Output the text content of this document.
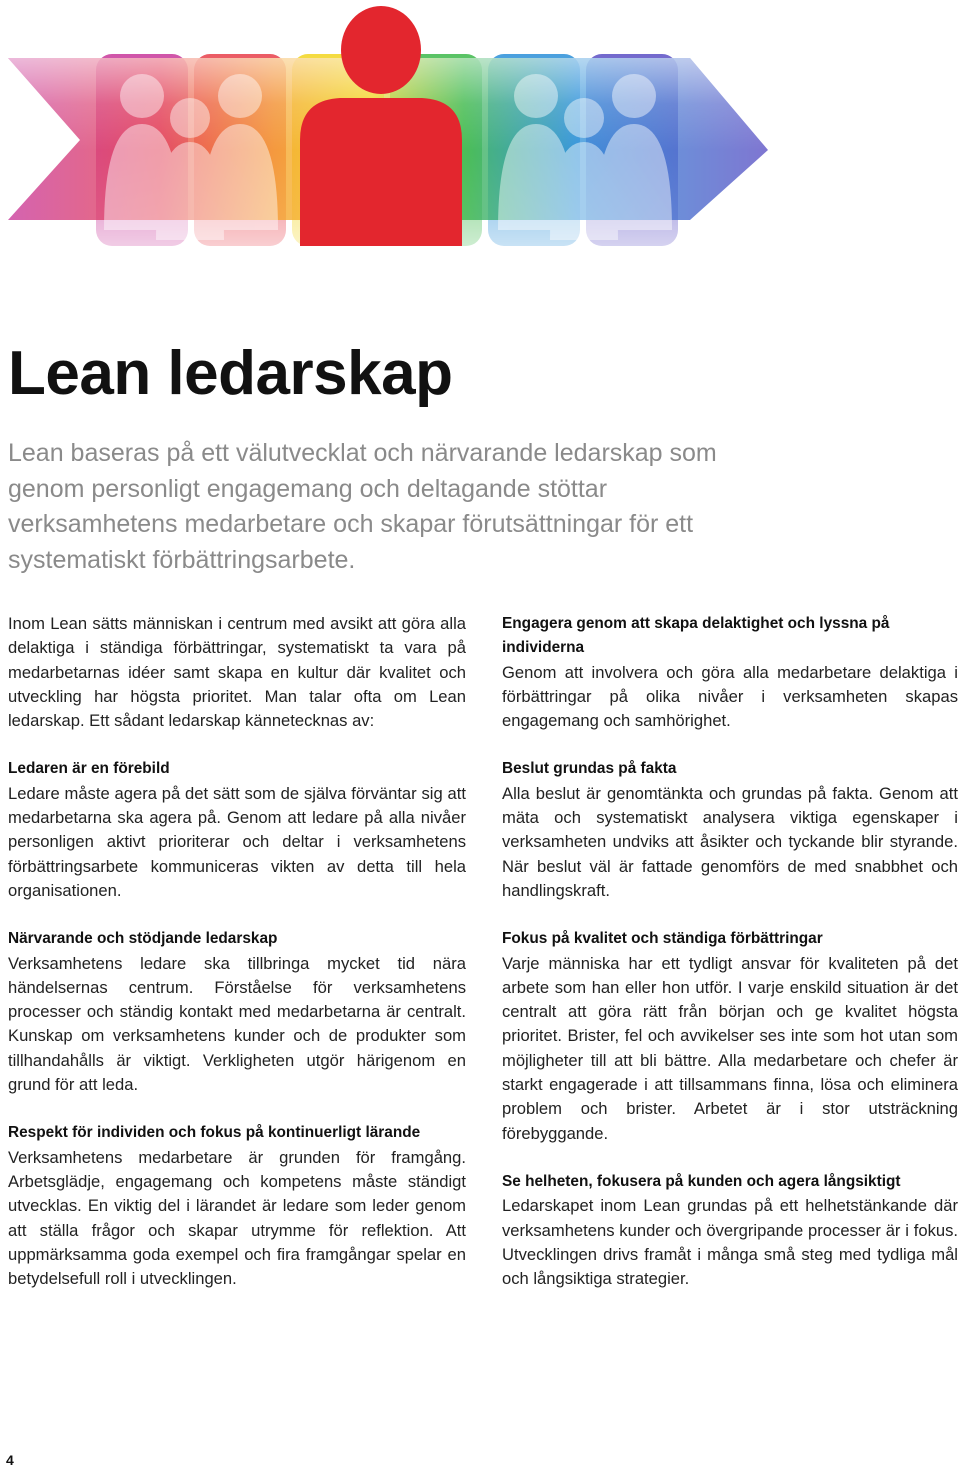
Lean ledarskap

Lean baseras på ett välutvecklat och närvarande ledarskap som genom personligt engagemang och deltagande stöttar verksamhetens medarbetare och skapar förutsättningar för ett systematiskt förbättringsarbete.

Inom Lean sätts människan i centrum med avsikt att göra alla delaktiga i ständiga förbättringar, systematiskt ta vara på medarbetarnas idéer samt skapa en kultur där kvalitet och utveckling har högsta prioritet. Man talar ofta om Lean ledarskap. Ett sådant ledarskap kännetecknas av:

Ledaren är en förebild

Ledare måste agera på det sätt som de själva förväntar sig att medarbetarna ska agera på. Genom att ledare på alla nivåer personligen aktivt prioriterar och deltar i verksamhetens förbättringsarbete kommuniceras vikten av detta till hela organisationen.

Närvarande och stödjande ledarskap

Verksamhetens ledare ska tillbringa mycket tid nära händelsernas centrum. Förståelse för verksamhetens processer och ständig kontakt med medarbetarna är centralt. Kunskap om verksamhetens kunder och de produkter som tillhandahålls är viktigt. Verkligheten utgör härigenom en grund för att leda.

Respekt för individen och fokus på kontinuerligt lärande

Verksamhetens medarbetare är grunden för framgång. Arbetsglädje, engagemang och kompetens måste ständigt utvecklas. En viktig del i lärandet är ledare som leder genom att ställa frågor och skapar utrymme för reflektion. Att uppmärksamma goda exempel och fira framgångar spelar en betydelsefull roll i utvecklingen.

Engagera genom att skapa delaktighet och lyssna på individerna

Genom att involvera och göra alla medarbetare delaktiga i förbättringar på olika nivåer i verksamheten skapas engagemang och samhörighet.

Beslut grundas på fakta

Alla beslut är genomtänkta och grundas på fakta. Genom att mäta och systematiskt analysera viktiga egenskaper i verksamheten undviks att åsikter och tyckande blir styrande. När beslut väl är fattade genomförs de med snabbhet och handlingskraft.

Fokus på kvalitet och ständiga förbättringar

Varje människa har ett tydligt ansvar för kvaliteten på det arbete som han eller hon utför. I varje enskild situation är det centralt att göra rätt från början och ge kvalitet högsta prioritet. Brister, fel och avvikelser ses inte som hot utan som möjligheter till att bli bättre. Alla medarbetare och chefer är starkt engagerade i att tillsammans finna, lösa och eliminera problem och brister. Arbetet är i stor utsträckning förebyggande.

Se helheten, fokusera på kunden och agera långsiktigt

Ledarskapet inom Lean grundas på ett helhetstänkande där verksamhetens kunder och övergripande processer är i fokus. Utvecklingen drivs framåt i många små steg med tydliga mål och långsiktiga strategier.

4
